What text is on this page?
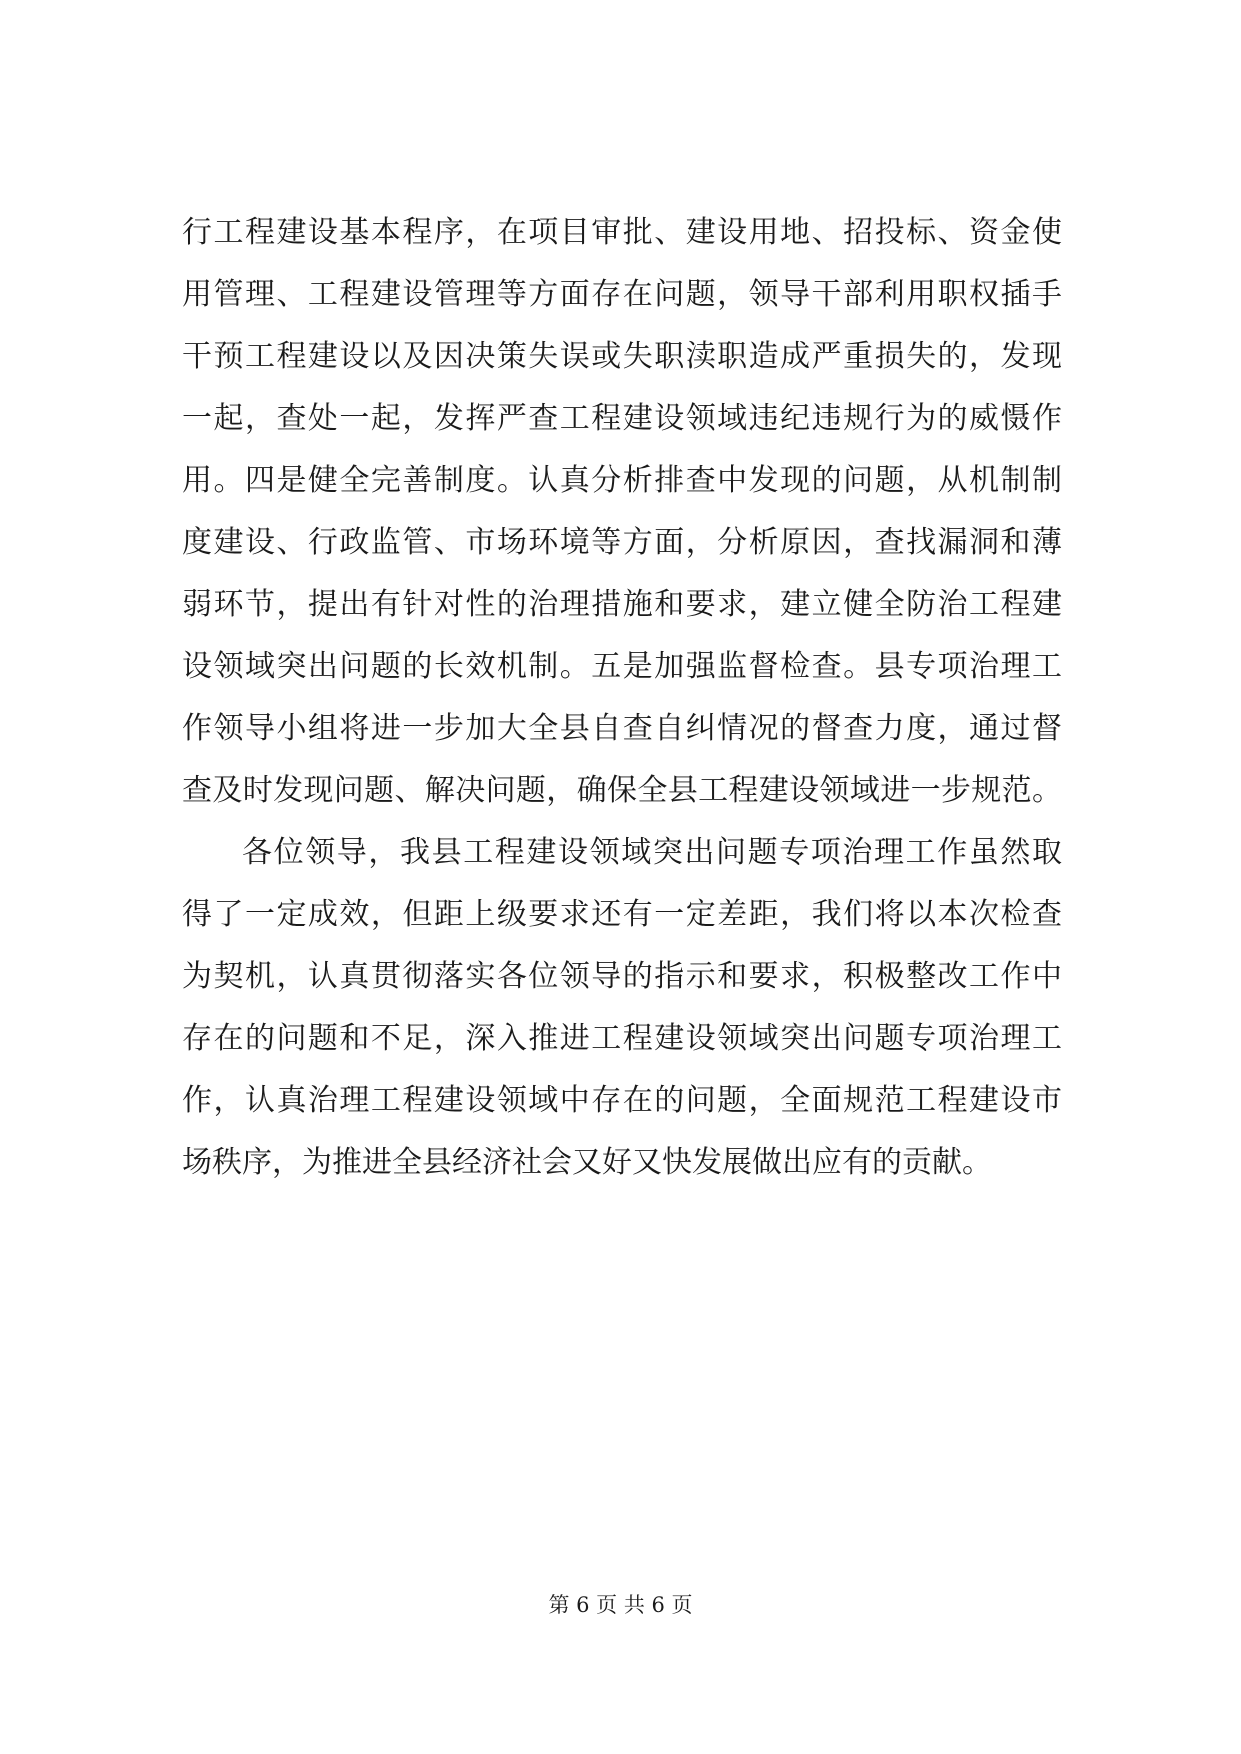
行工程建设基本程序，在项目审批、建设用地、招投标、资金使
用管理、工程建设管理等方面存在问题，领导干部利用职权插手
干预工程建设以及因决策失误或失职渎职造成严重损失的，发现
一起，查处一起，发挥严查工程建设领域违纪违规行为的威慑作
用。四是健全完善制度。认真分析排查中发现的问题，从机制制
度建设、行政监管、市场环境等方面，分析原因，查找漏洞和薄
弱环节，提出有针对性的治理措施和要求，建立健全防治工程建
设领域突出问题的长效机制。五是加强监督检查。县专项治理工
作领导小组将进一步加大全县自查自纠情况的督查力度，通过督
查及时发现问题、解决问题，确保全县工程建设领域进一步规范。
各位领导，我县工程建设领域突出问题专项治理工作虽然取
得了一定成效，但距上级要求还有一定差距，我们将以本次检查
为契机，认真贯彻落实各位领导的指示和要求，积极整改工作中
存在的问题和不足，深入推进工程建设领域突出问题专项治理工
作，认真治理工程建设领域中存在的问题，全面规范工程建设市
场秩序，为推进全县经济社会又好又快发展做出应有的贡献。
第 6 页 共 6 页
